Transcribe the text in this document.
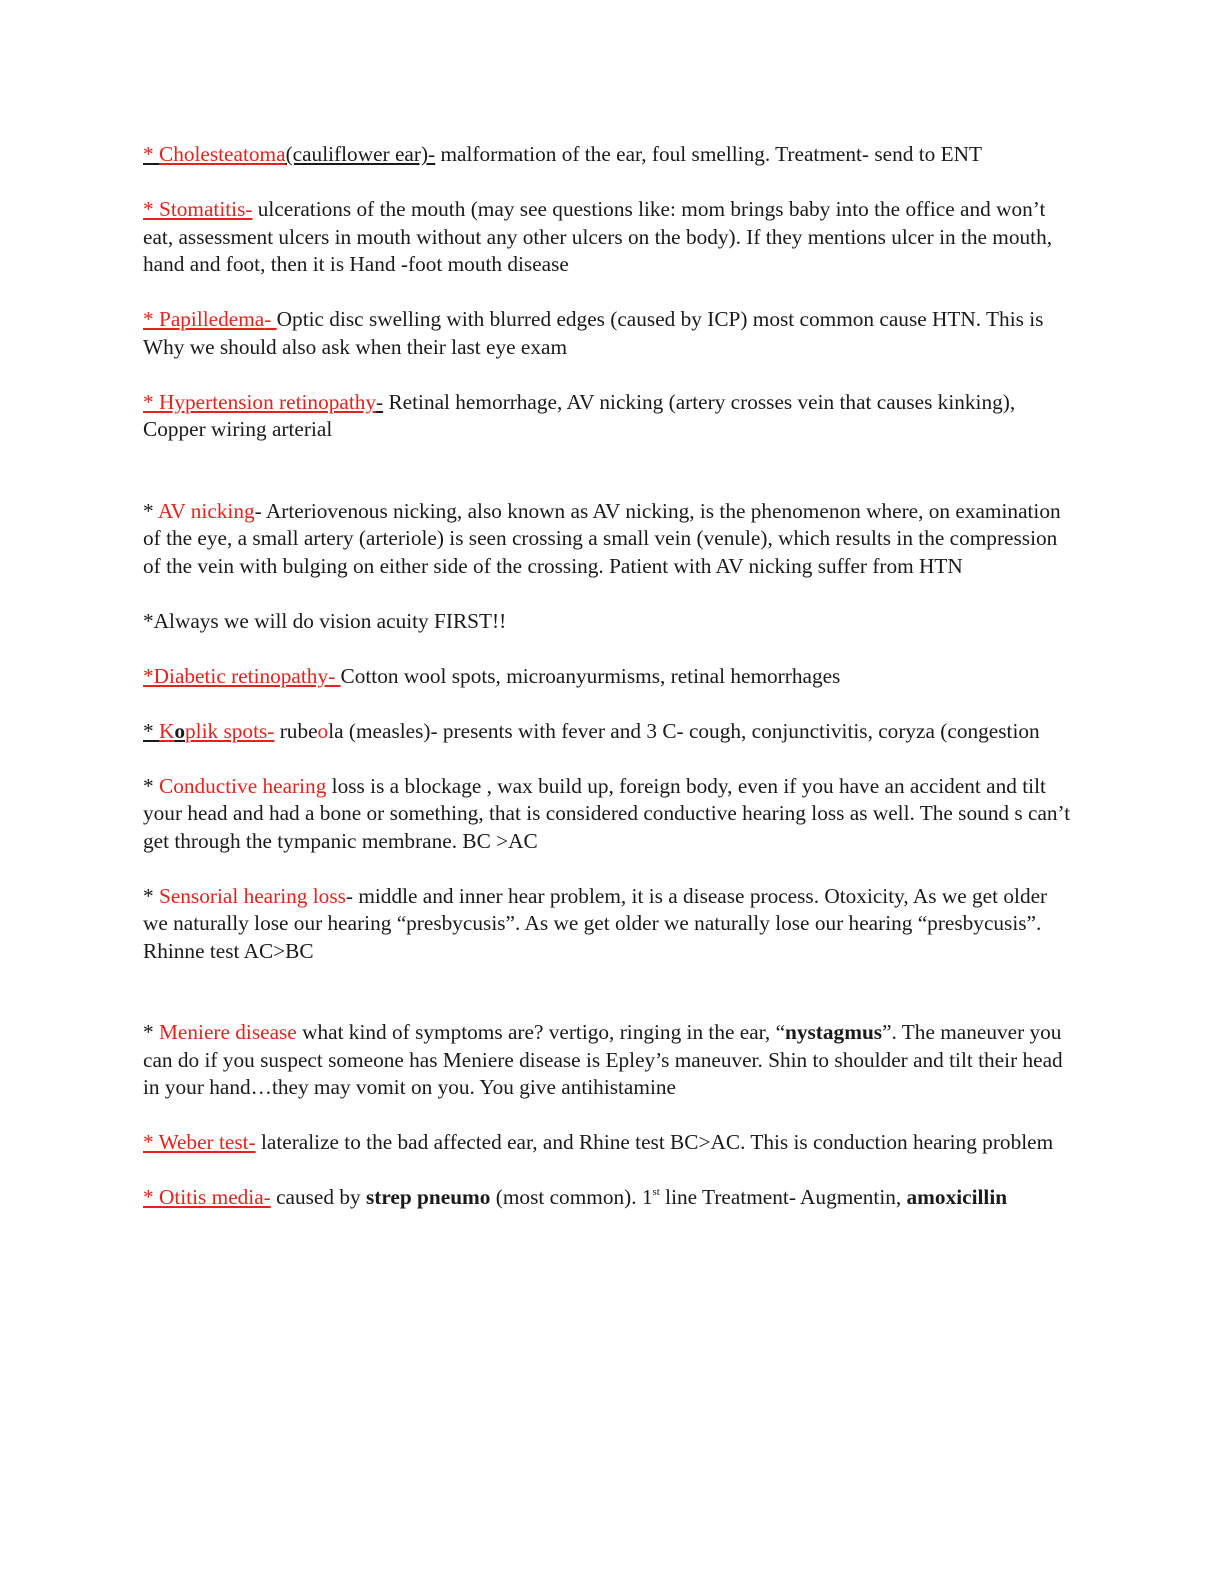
* Cholesteatoma(cauliflower ear)- malformation of the ear, foul smelling. Treatment- send to ENT

* Stomatitis- ulcerations of the mouth (may see questions like: mom brings baby into the office and won’t eat, assessment ulcers in mouth without any other ulcers on the body). If they mentions ulcer in the mouth, hand and foot, then it is Hand -foot mouth disease

* Papilledema- Optic disc swelling with blurred edges (caused by ICP) most common cause HTN. This is Why we should also ask when their last eye exam

* Hypertension retinopathy- Retinal hemorrhage, AV nicking (artery crosses vein that causes kinking), Copper wiring arterial

* AV nicking- Arteriovenous nicking, also known as AV nicking, is the phenomenon where, on examination of the eye, a small artery (arteriole) is seen crossing a small vein (venule), which results in the compression of the vein with bulging on either side of the crossing. Patient with AV nicking suffer from HTN

*Always we will do vision acuity FIRST!!

*Diabetic retinopathy- Cotton wool spots, microanyurmisms, retinal hemorrhages

* Koplik spots- rubeola (measles)- presents with fever and 3 C- cough, conjunctivitis, coryza (congestion

* Conductive hearing loss is a blockage , wax build up, foreign body, even if you have an accident and tilt your head and had a bone or something, that is considered conductive hearing loss as well. The sound s can’t get through the tympanic membrane. BC >AC

* Sensorial hearing loss- middle and inner hear problem, it is a disease process. Otoxicity, As we get older we naturally lose our hearing “presbycusis”. As we get older we naturally lose our hearing “presbycusis”. Rhinne test AC>BC

* Meniere disease what kind of symptoms are? vertigo, ringing in the ear, “nystagmus”. The maneuver you can do if you suspect someone has Meniere disease is Epley’s maneuver. Shin to shoulder and tilt their head in your hand…they may vomit on you. You give antihistamine

* Weber test- lateralize to the bad affected ear, and Rhine test BC>AC. This is conduction hearing problem

* Otitis media- caused by strep pneumo (most common). 1st line Treatment- Augmentin, amoxicillin
